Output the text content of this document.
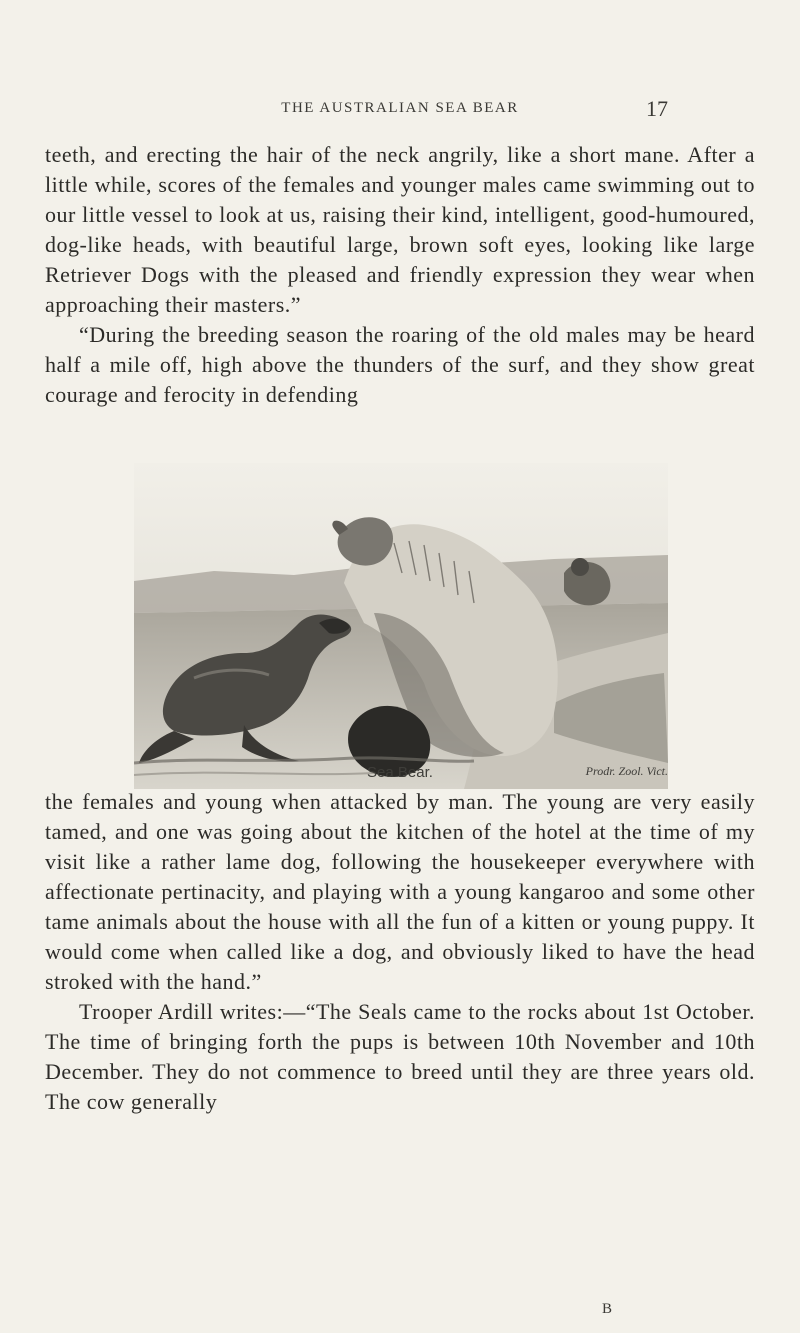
THE AUSTRALIAN SEA BEAR	17

teeth, and erecting the hair of the neck angrily, like a short mane. After a little while, scores of the females and younger males came swimming out to our little vessel to look at us, raising their kind, intelligent, good-humoured, dog-like heads, with beautiful large, brown soft eyes, looking like large Retriever Dogs with the pleased and friendly expression they wear when approaching their masters.”

“During the breeding season the roaring of the old males may be heard half a mile off, high above the thunders of the surf, and they show great courage and ferocity in defending

Sea Bear.	Prodr. Zool. Vict.

the females and young when attacked by man. The young are very easily tamed, and one was going about the kitchen of the hotel at the time of my visit like a rather lame dog, following the housekeeper everywhere with affectionate pertinacity, and playing with a young kangaroo and some other tame animals about the house with all the fun of a kitten or young puppy. It would come when called like a dog, and obviously liked to have the head stroked with the hand.”

Trooper Ardill writes:—“The Seals came to the rocks about 1st October. The time of bringing forth the pups is between 10th November and 10th December. They do not commence to breed until they are three years old. The cow generally

B
